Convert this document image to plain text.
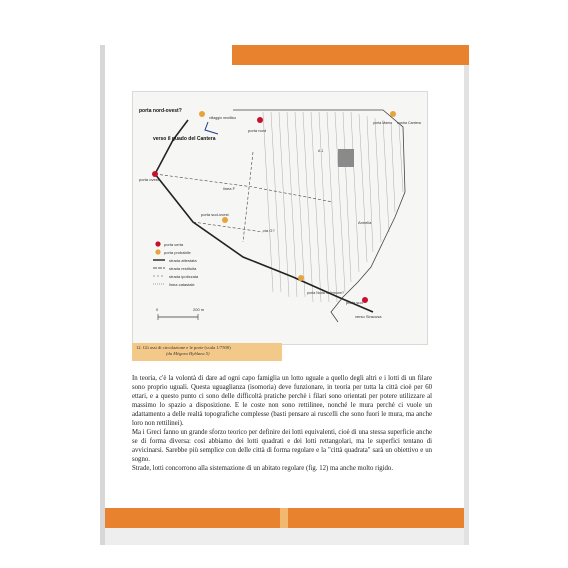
porta nord-ovest?
villaggio neolitico
porta nord
verso il guado del Cantera
porta ovest
porta Mamo nostra Cantera
linea F
via G?
porta sud-ovest
Annella
porta Noria Salemone?
porta sud
verso Siracusa
A 1
porta certa
porta probabile
strada attestata
strada restituita
strada ipotizzata
linea catastale
0	200 m
12. Gli assi di circolazione e le porte (scala 1/7500)
(da Mégara Hyblaea 5)

In teoria, c'è la volontà di dare ad ogni capo famiglia un lotto uguale a quello degli altri e i lotti di un filare sono proprio uguali. Questa uguaglianza (isomoria) deve funzionare, in teoria per tutta la città cioè per 60 ettari, e a questo punto ci sono delle difficoltà pratiche perchè i filari sono orientati per potere utilizzare al massimo lo spazio a disposizione. E le coste non sono rettilinee, nonché le mura perché ci vuole un adattamento a delle realtà topografiche complesse (basti pensare ai ruscelli che sono fuori le mura, ma anche loro non rettilinei).

Ma i Greci fanno un grande sforzo teorico per definire dei lotti equivalenti, cioè di una stessa superficie anche se di forma diversa: così abbiamo dei lotti quadrati e dei lotti rettangolari, ma le superfici tentano di avvicinarsi. Sarebbe più semplice con delle città di forma regolare e la "città quadrata" sarà un obiettivo e un sogno.

Strade, lotti concorrono alla sistemazione di un abitato regolare (fig. 12) ma anche molto rigido.
